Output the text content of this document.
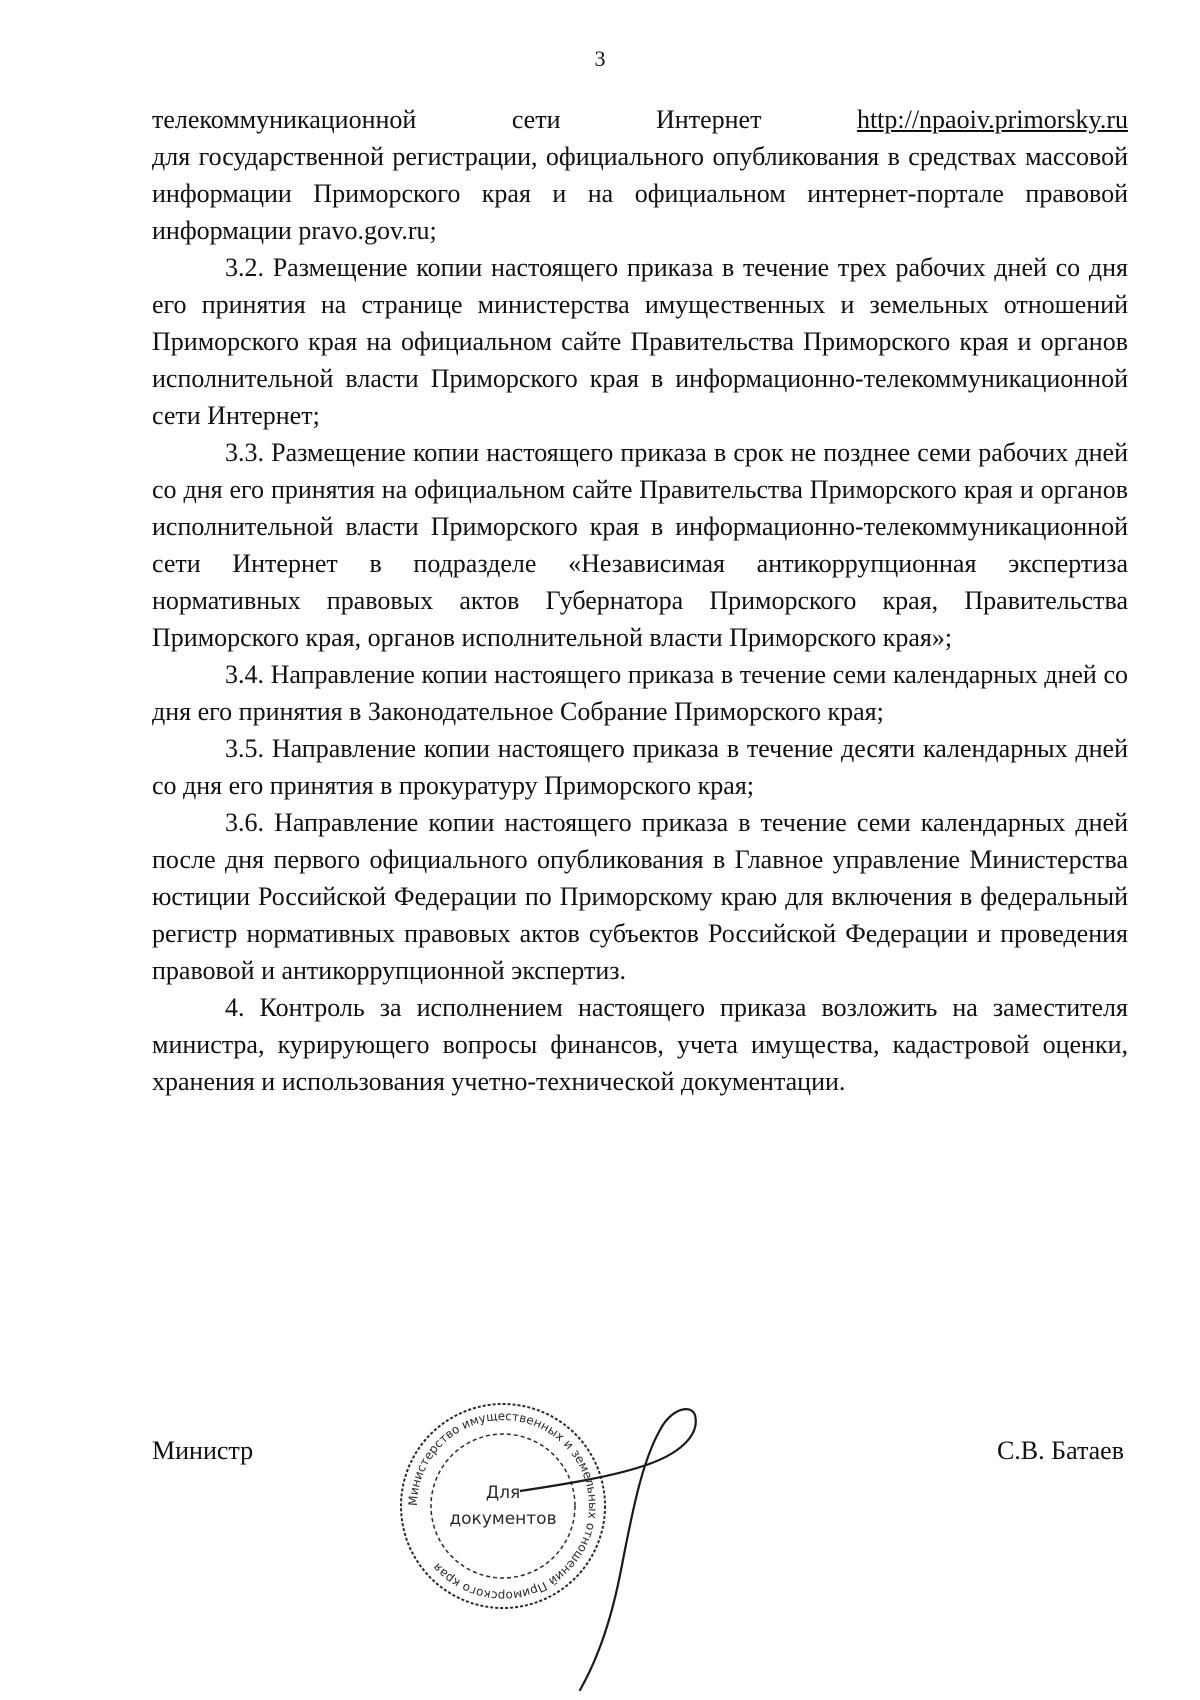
3

телекоммуникационной	сети	Интернет	http://npaoiv.primorsky.ru

для государственной регистрации, официального опубликования в средствах массовой информации Приморского края и на официальном интернет-портале правовой информации pravo.gov.ru;

3.2. Размещение копии настоящего приказа в течение трех рабочих дней со дня его принятия на странице министерства имущественных и земельных отношений Приморского края на официальном сайте Правительства Приморского края и органов исполнительной власти Приморского края в информационно-телекоммуникационной сети Интернет;

3.3. Размещение копии настоящего приказа в срок не позднее семи рабочих дней со дня его принятия на официальном сайте Правительства Приморского края и органов исполнительной власти Приморского края в информационно-телекоммуникационной сети Интернет в подразделе «Независимая антикоррупционная экспертиза нормативных правовых актов Губернатора Приморского края, Правительства Приморского края, органов исполнительной власти Приморского края»;

3.4. Направление копии настоящего приказа в течение семи календарных дней со дня его принятия в Законодательное Собрание Приморского края;

3.5. Направление копии настоящего приказа в течение десяти календарных дней со дня его принятия в прокуратуру Приморского края;

3.6. Направление копии настоящего приказа в течение семи календарных дней после дня первого официального опубликования в Главное управление Министерства юстиции Российской Федерации по Приморскому краю для включения в федеральный регистр нормативных правовых актов субъектов Российской Федерации и проведения правовой и антикоррупционной экспертиз.

4. Контроль за исполнением настоящего приказа возложить на заместителя министра, курирующего вопросы финансов, учета имущества, кадастровой оценки, хранения и использования учетно-технической документации.

Министр	С.В. Батаев
Министерство имущественных и земельных отношений Приморского края
Для
документов
